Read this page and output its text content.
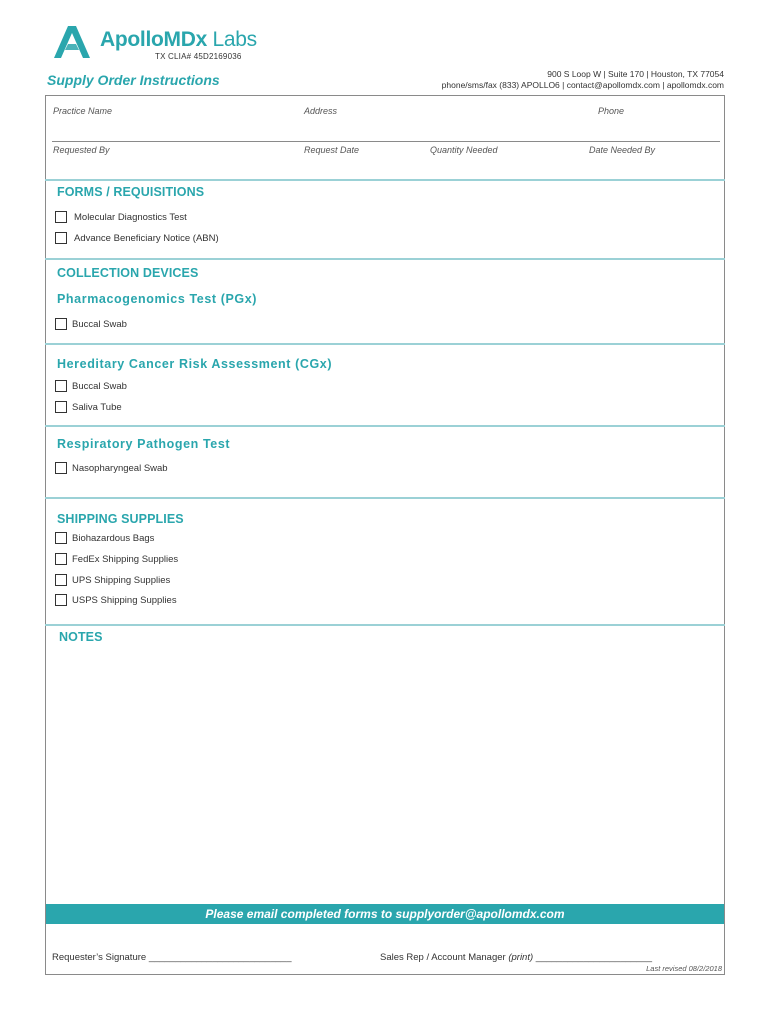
ApolloMDx Labs
TX CLIA# 45D2169036
Supply Order Instructions	900 S Loop W | Suite 170 | Houston, TX 77054
phone/sms/fax (833) APOLLO6 | contact@apollomdx.com | apollomdx.com
Practice Name	Address	Phone
Requested By	Request Date	Quantity Needed	Date Needed By
FORMS / REQUISITIONS
Molecular Diagnostics Test
Advance Beneficiary Notice (ABN)
COLLECTION DEVICES
Pharmacogenomics Test (PGx)
Buccal Swab
Hereditary Cancer Risk Assessment (CGx)
Buccal Swab
Saliva Tube
Respiratory Pathogen Test
Nasopharyngeal Swab
SHIPPING SUPPLIES
Biohazardous Bags
FedEx Shipping Supplies
UPS Shipping Supplies
USPS Shipping Supplies
NOTES
Please email completed forms to supplyorder@apollomdx.com
Requester’s Signature ___________________________	Sales Rep / Account Manager (print) ______________________
Last revised 08/2/2018
